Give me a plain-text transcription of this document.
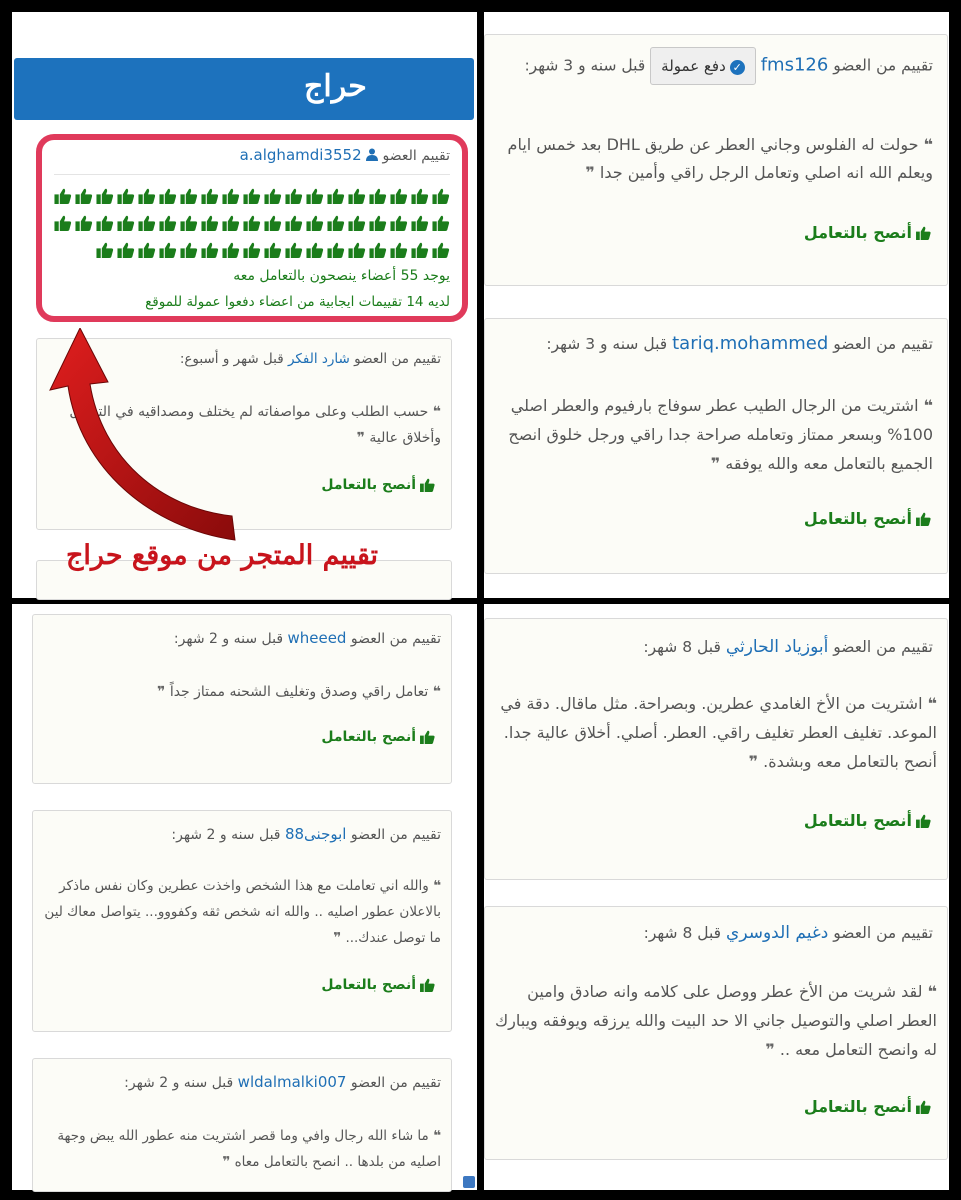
حراج
تقييم العضو  a.alghamdi3552
يوجد 55 أعضاء ينصحون بالتعامل معه
لديه 14 تقييمات ايجابية من اعضاء دفعوا عمولة للموقع
تقييم من العضو شارد الفكر قبل شهر و أسبوع:
❝ حسب الطلب وعلى مواصفاته لم يختلف ومصداقيه في التعامل وأخلاق عالية ❞
أنصح بالتعامل
تقييم المتجر من موقع حراج
تقييم من العضو fms126 ✓دفع عمولة قبل سنه و 3 شهر:
❝ حولت له الفلوس وجاني العطر عن طريق DHL بعد خمس ايام ويعلم الله انه اصلي وتعامل الرجل راقي وأمين جدا ❞
أنصح بالتعامل
تقييم من العضو tariq.mohammed قبل سنه و 3 شهر:
❝ اشتريت من الرجال الطيب عطر سوفاج بارفيوم والعطر اصلي 100% وبسعر ممتاز وتعامله صراحة جدا راقي ورجل خلوق انصح الجميع بالتعامل معه والله يوفقه ❞
أنصح بالتعامل
تقييم من العضو wheeed قبل سنه و 2 شهر:
❝ تعامل راقي وصدق وتغليف الشحنه ممتاز جداً ❞
أنصح بالتعامل
تقييم من العضو ابوجنى88 قبل سنه و 2 شهر:
❝ والله اني تعاملت مع هذا الشخص واخذت عطرين وكان نفس ماذكر بالاعلان عطور اصليه .. والله انه شخص ثقه وكفووو... يتواصل معاك لين ما توصل عندك... ❞
أنصح بالتعامل
تقييم من العضو wldalmalki007 قبل سنه و 2 شهر:
❝ ما شاء الله رجال وافي وما قصر اشتريت منه عطور الله يبض وجهة اصليه من بلدها .. انصح بالتعامل معاه ❞
تقييم من العضو أبوزياد الحارثي قبل 8 شهر:
❝ اشتريت من الأخ الغامدي عطرين. وبصراحة. مثل ماقال. دقة في الموعد. تغليف العطر تغليف راقي. العطر. أصلي. أخلاق عالية جدا. أنصح بالتعامل معه وبشدة. ❞
أنصح بالتعامل
تقييم من العضو دغيم الدوسري قبل 8 شهر:
❝ لقد شريت من الأخ عطر ووصل على كلامه وانه صادق وامين العطر اصلي والتوصيل جاني الا حد البيت والله يرزقه ويوفقه ويبارك له وانصح التعامل معه .. ❞
أنصح بالتعامل
